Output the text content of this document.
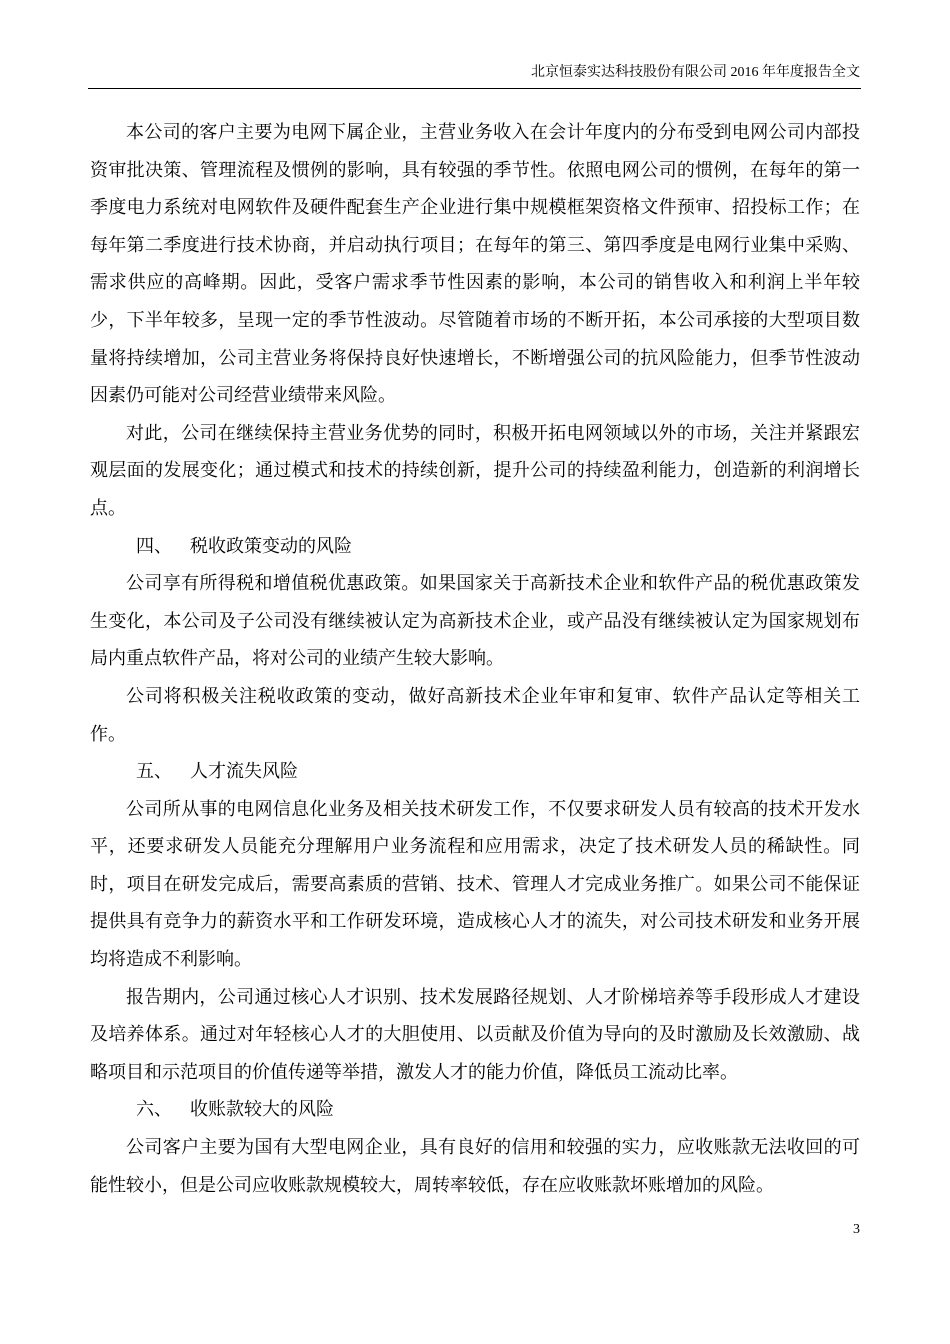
北京恒泰实达科技股份有限公司 2016 年年度报告全文

本公司的客户主要为电网下属企业，主营业务收入在会计年度内的分布受到电网公司内部投资审批决策、管理流程及惯例的影响，具有较强的季节性。依照电网公司的惯例，在每年的第一季度电力系统对电网软件及硬件配套生产企业进行集中规模框架资格文件预审、招投标工作；在每年第二季度进行技术协商，并启动执行项目；在每年的第三、第四季度是电网行业集中采购、需求供应的高峰期。因此，受客户需求季节性因素的影响，本公司的销售收入和利润上半年较少，下半年较多，呈现一定的季节性波动。尽管随着市场的不断开拓，本公司承接的大型项目数量将持续增加，公司主营业务将保持良好快速增长，不断增强公司的抗风险能力，但季节性波动因素仍可能对公司经营业绩带来风险。

对此，公司在继续保持主营业务优势的同时，积极开拓电网领域以外的市场，关注并紧跟宏观层面的发展变化；通过模式和技术的持续创新，提升公司的持续盈利能力，创造新的利润增长点。

四、 税收政策变动的风险

公司享有所得税和增值税优惠政策。如果国家关于高新技术企业和软件产品的税优惠政策发生变化，本公司及子公司没有继续被认定为高新技术企业，或产品没有继续被认定为国家规划布局内重点软件产品，将对公司的业绩产生较大影响。

公司将积极关注税收政策的变动，做好高新技术企业年审和复审、软件产品认定等相关工作。

五、 人才流失风险

公司所从事的电网信息化业务及相关技术研发工作，不仅要求研发人员有较高的技术开发水平，还要求研发人员能充分理解用户业务流程和应用需求，决定了技术研发人员的稀缺性。同时，项目在研发完成后，需要高素质的营销、技术、管理人才完成业务推广。如果公司不能保证提供具有竞争力的薪资水平和工作研发环境，造成核心人才的流失，对公司技术研发和业务开展均将造成不利影响。

报告期内，公司通过核心人才识别、技术发展路径规划、人才阶梯培养等手段形成人才建设及培养体系。通过对年轻核心人才的大胆使用、以贡献及价值为导向的及时激励及长效激励、战略项目和示范项目的价值传递等举措，激发人才的能力价值，降低员工流动比率。

六、 收账款较大的风险

公司客户主要为国有大型电网企业，具有良好的信用和较强的实力，应收账款无法收回的可能性较小，但是公司应收账款规模较大，周转率较低，存在应收账款坏账增加的风险。

3
